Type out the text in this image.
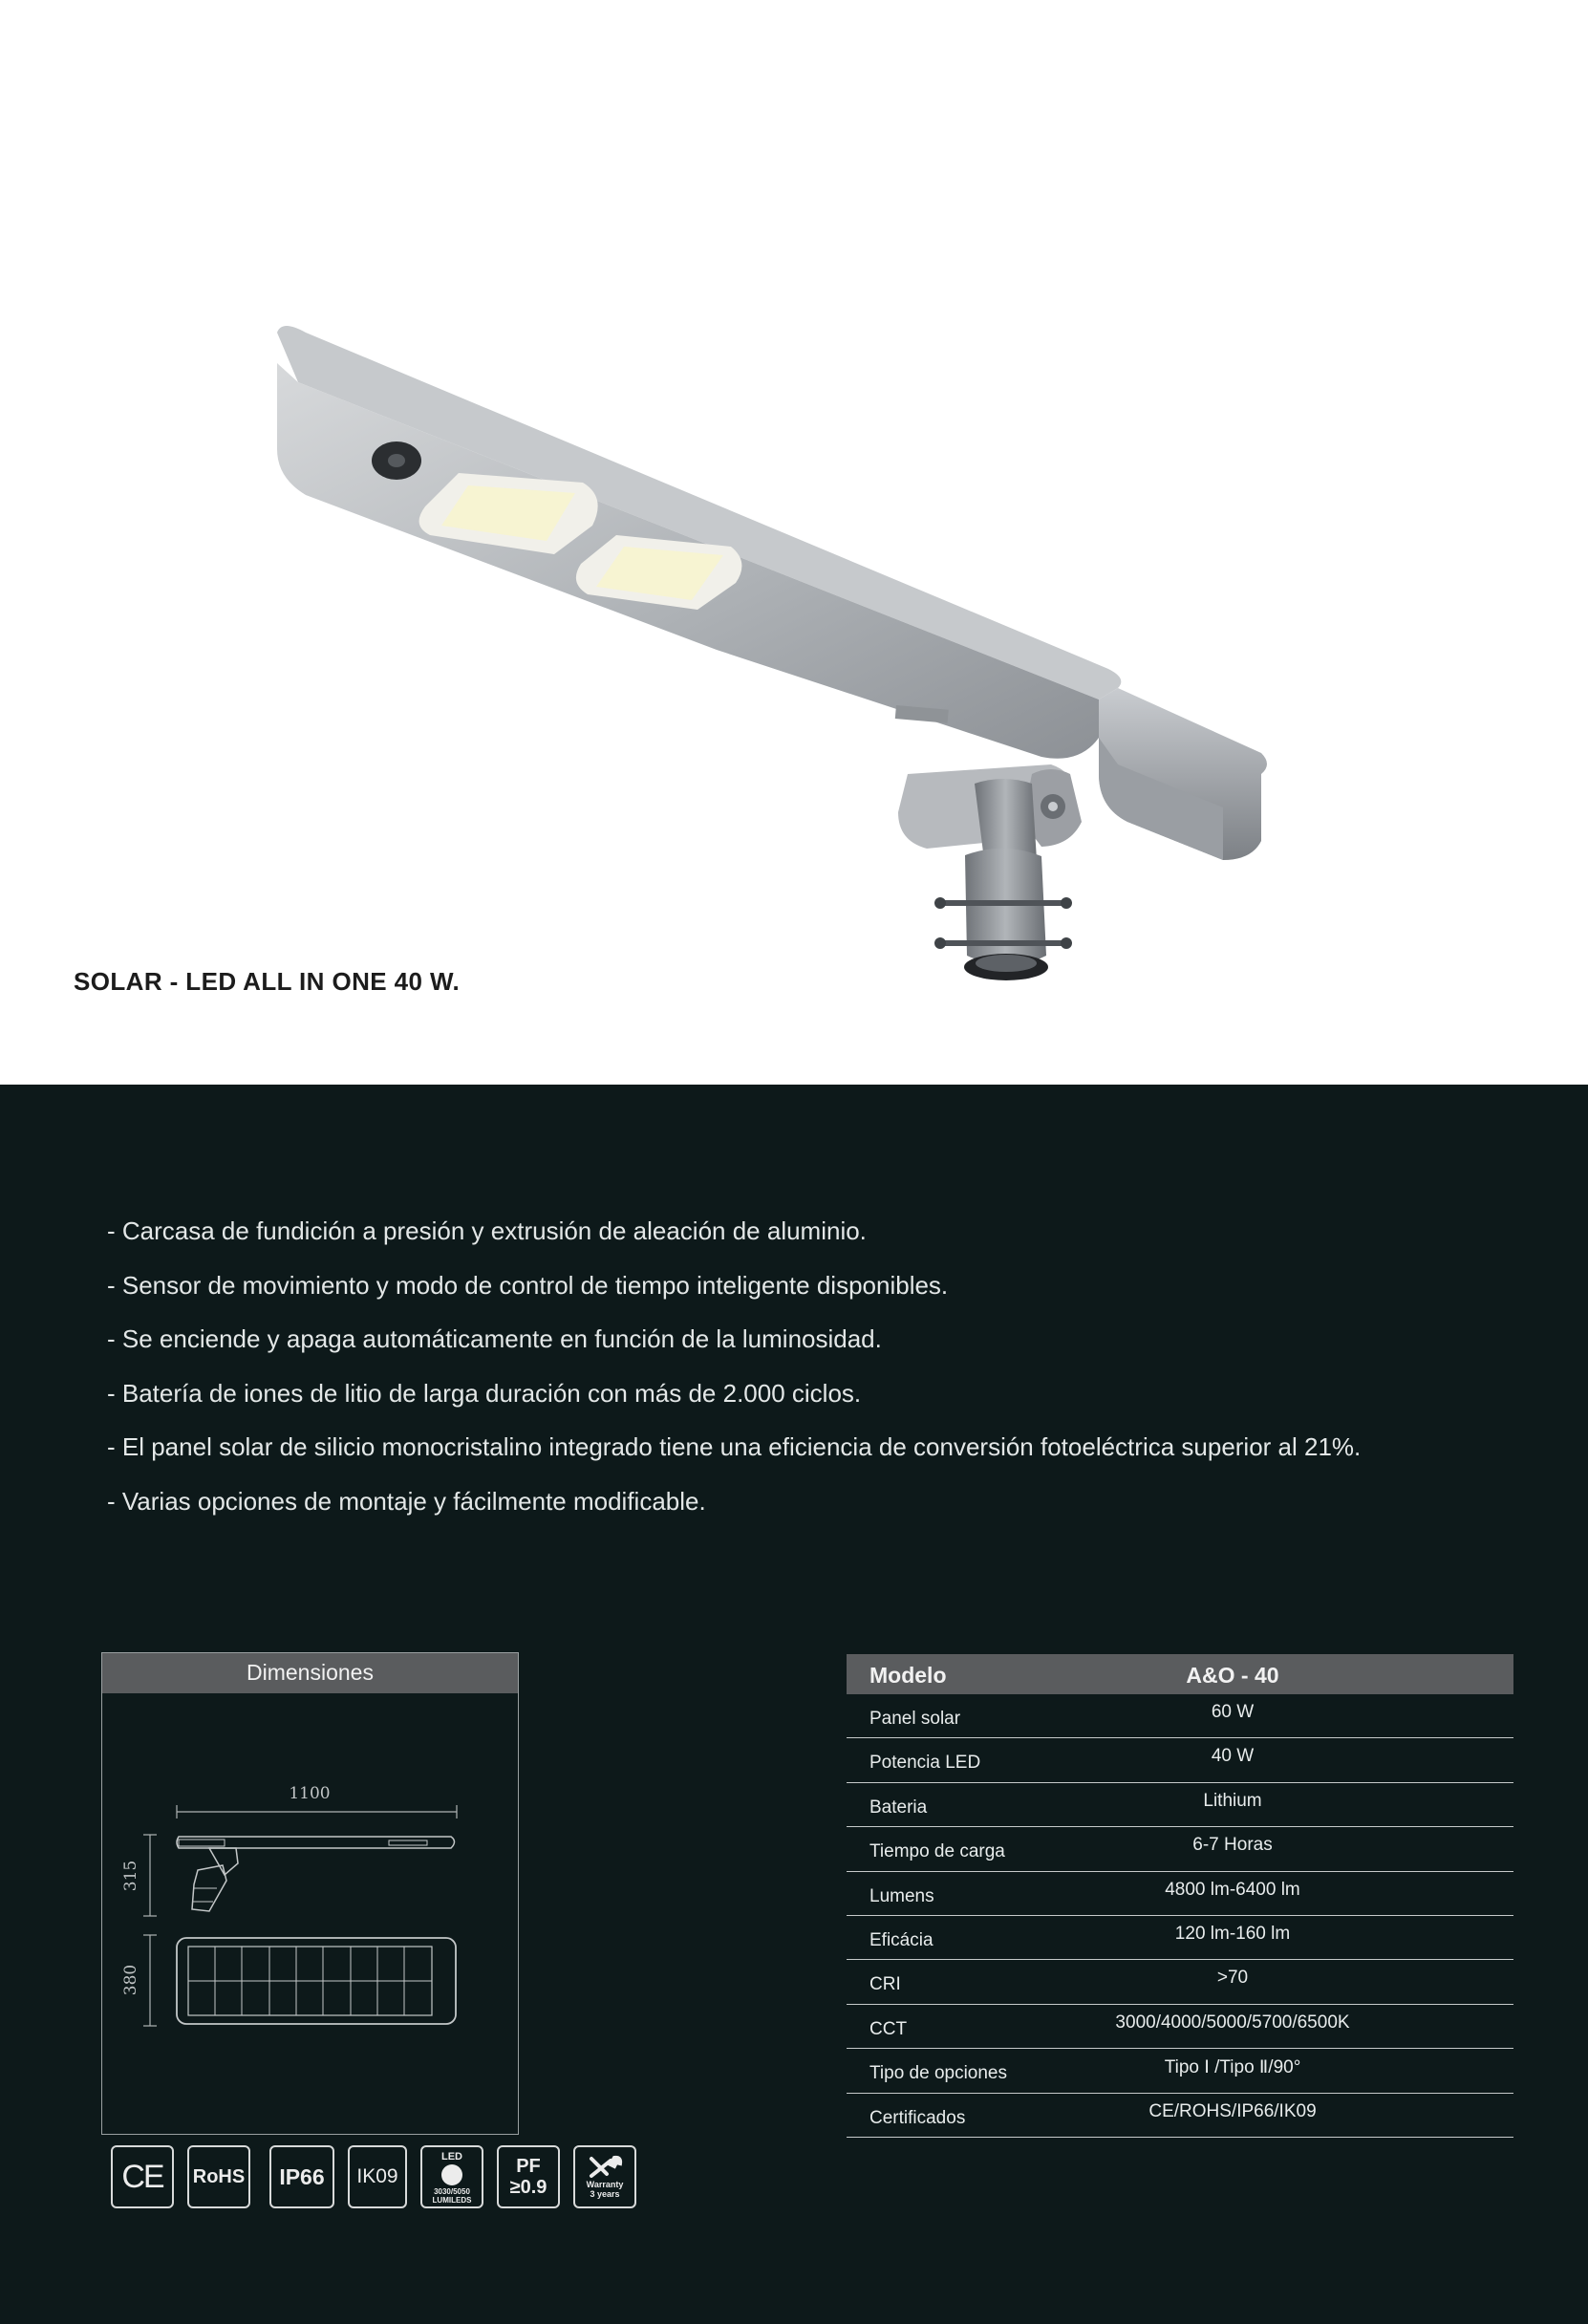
SOLAR - LED ALL IN ONE 40 W.
- Carcasa de fundición a presión y extrusión de aleación de aluminio.
- Sensor de movimiento y modo de control de tiempo inteligente disponibles.
- Se enciende y apaga automáticamente en función de la luminosidad.
- Batería de iones de litio de larga duración con más de 2.000 ciclos.
- El panel solar de silicio monocristalino integrado tiene una eficiencia de conversión fotoeléctrica superior al 21%.
- Varias opciones de montaje y fácilmente modificable.
Dimensiones
1100
315
380
CE	RoHS	IP66	IK09
LED
3030/5050 LUMILEDS
PF
≥0.9	Warranty
3 years
Modelo	A&O - 40
Panel solar	60 W
Potencia LED	40 W
Bateria	Lithium
Tiempo de carga	6-7 Horas
Lumens	4800 lm-6400 lm
Eficácia	120 lm-160 lm
CRI	>70
CCT	3000/4000/5000/5700/6500K
Tipo de opciones	Tipo Ⅰ /Tipo Ⅱ/90°
Certificados	CE/ROHS/IP66/IK09
